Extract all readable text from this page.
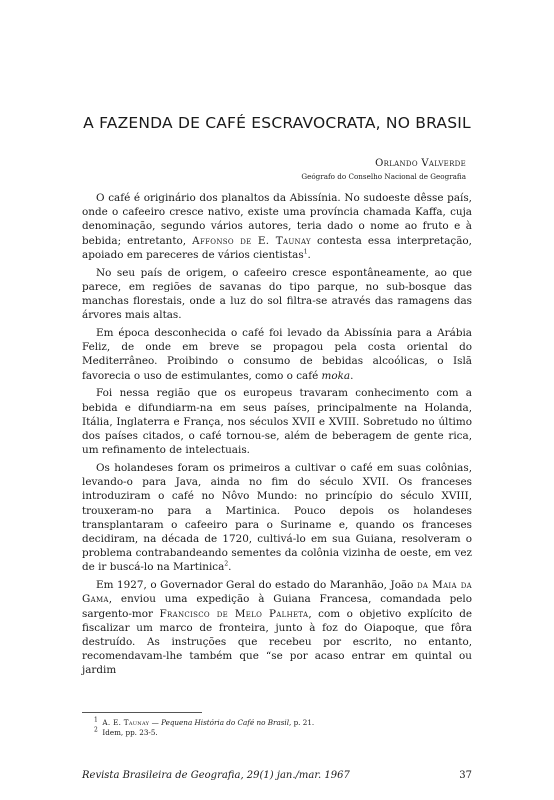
A FAZENDA DE CAFÉ ESCRAVOCRATA, NO BRASIL

Orlando Valverde

Geógrafo do Conselho Nacional de Geografia

O café é originário dos planaltos da Abissínia. No sudoeste dêsse país, onde o cafeeiro cresce nativo, existe uma província chamada Kaffa, cuja denominação, segundo vários autores, teria dado o nome ao fruto e à bebida; entretanto, Affonso de E. Taunay contesta essa interpretação, apoiado em pareceres de vários cientistas$^1$.

No seu país de origem, o cafeeiro cresce espontâneamente, ao que parece, em regiões de savanas do tipo parque, no sub-bosque das manchas florestais, onde a luz do sol filtra-se através das ramagens das árvores mais altas.

Em época desconhecida o café foi levado da Abissínia para a Arábia Feliz, de onde em breve se propagou pela costa oriental do Mediterrâneo. Proibindo o consumo de bebidas alcoólicas, o Islã favorecia o uso de estimulantes, como o café moka.

Foi nessa região que os europeus travaram conhecimento com a bebida e difundiarm-na em seus países, principalmente na Holanda, Itália, Inglaterra e França, nos séculos XVII e XVIII. Sobretudo no último dos países citados, o café tornou-se, além de beberagem de gente rica, um refinamento de intelectuais.

Os holandeses foram os primeiros a cultivar o café em suas colônias, levando-o para Java, ainda no fim do século XVII. Os franceses introduziram o café no Nôvo Mundo: no princípio do século XVIII, trouxeram-no para a Martinica. Pouco depois os holandeses transplantaram o cafeeiro para o Suriname e, quando os franceses decidiram, na década de 1720, cultivá-lo em sua Guiana, resolveram o problema contrabandeando sementes da colônia vizinha de oeste, em vez de ir buscá-lo na Martinica$^2$.

Em 1927, o Governador Geral do estado do Maranhão, João da Maia da Gama, enviou uma expedição à Guiana Francesa, comandada pelo sargento-mor Francisco de Melo Palheta, com o objetivo explícito de fiscalizar um marco de fronteira, junto à foz do Oiapoque, que fôra destruído. As instruções que recebeu por escrito, no entanto, recomendavam-lhe também que “se por acaso entrar em quintal ou jardim

$^1$ A. E. Taunay — Pequena História do Café no Brasil, p. 21.
$^2$ Idem, pp. 23-5.
Revista Brasileira de Geografia, 29(1) jan./mar. 1967	37
